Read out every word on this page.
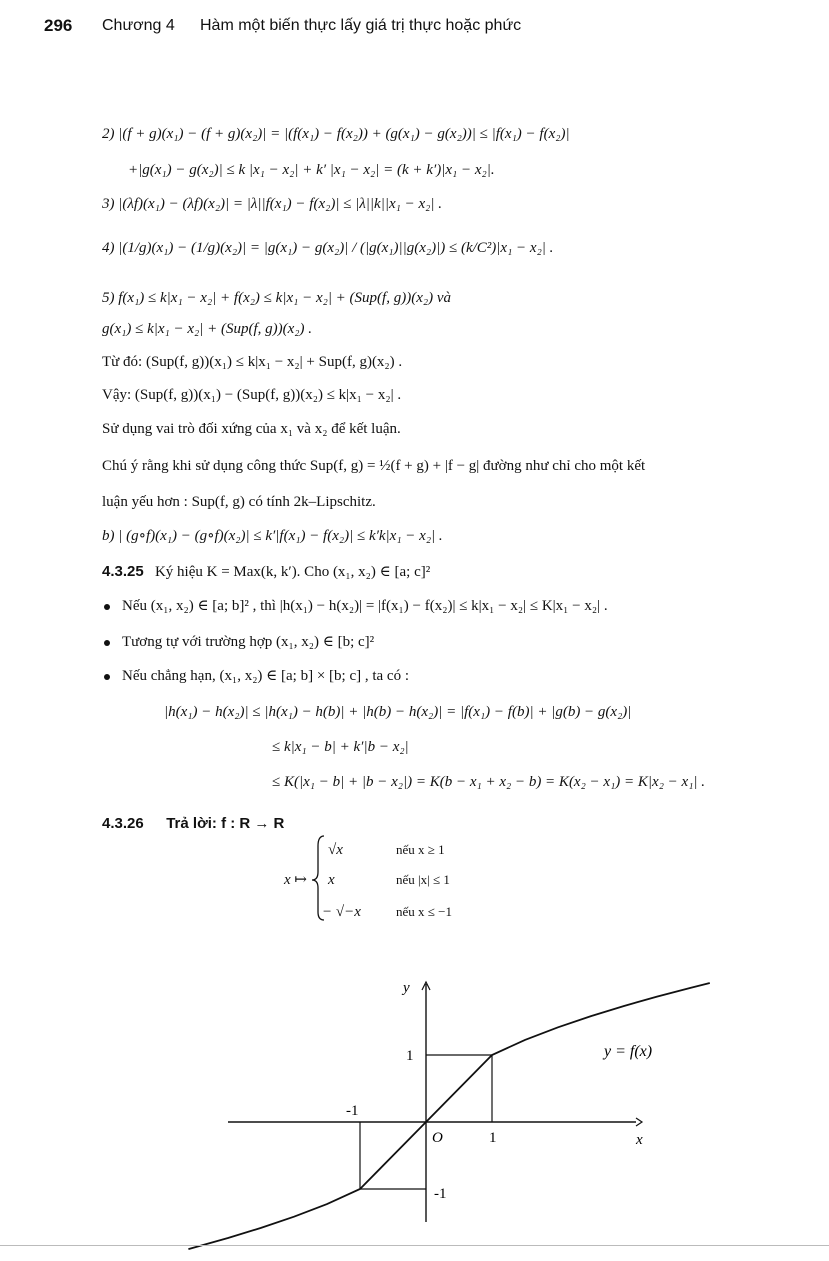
296 Chương 4 Hàm một biến thực lấy giá trị thực hoặc phức
2) |(f + g)(x₁) − (f + g)(x₂)| = |(f(x₁) − f(x₂)) + (g(x₁) − g(x₂))| ≤ |f(x₁) − f(x₂)|
+|g(x₁) − g(x₂)| ≤ k |x₁ − x₂| + k′ |x₁ − x₂| = (k + k′)|x₁ − x₂|.
3) |(λf)(x₁) − (λf)(x₂)| = |λ||f(x₁) − f(x₂)| ≤ |λ||k||x₁ − x₂| .
4) |(1/g)(x₁) − (1/g)(x₂)| = |g(x₁) − g(x₂)| / (|g(x₁)||g(x₂)|) ≤ (k/C²)|x₁ − x₂| .
5) f(x₁) ≤ k|x₁ − x₂| + f(x₂) ≤ k|x₁ − x₂| + (Sup(f, g))(x₂) và
g(x₁) ≤ k|x₁ − x₂| + (Sup(f, g))(x₂) .
Từ đó: (Sup(f, g))(x₁) ≤ k|x₁ − x₂| + Sup(f, g)(x₂) .
Vậy: (Sup(f, g))(x₁) − (Sup(f, g))(x₂) ≤ k|x₁ − x₂| .
Sử dụng vai trò đối xứng của x₁ và x₂ để kết luận.
Chú ý rằng khi sử dụng công thức Sup(f, g) = ½(f + g) + |f − g| đường như chỉ cho một kết
luận yếu hơn : Sup(f, g) có tính 2k–Lipschitz.
b) | (g∘f)(x₁) − (g∘f)(x₂)| ≤ k′|f(x₁) − f(x₂)| ≤ k′k|x₁ − x₂| .
4.3.25 Ký hiệu K = Max(k, k′). Cho (x₁, x₂) ∈ [a; c]²
Nếu (x₁, x₂) ∈ [a; b]² , thì |h(x₁) − h(x₂)| = |f(x₁) − f(x₂)| ≤ k|x₁ − x₂| ≤ K|x₁ − x₂| .
Tương tự với trường hợp (x₁, x₂) ∈ [b; c]²
Nếu chẳng hạn, (x₁, x₂) ∈ [a; b] × [b; c] , ta có :
|h(x₁) − h(x₂)| ≤ |h(x₁) − h(b)| + |h(b) − h(x₂)| = |f(x₁) − f(b)| + |g(b) − g(x₂)|
≤ k|x₁ − b| + k′|b − x₂|
≤ K(|x₁ − b| + |b − x₂|) = K(b − x₁ + x₂ − b) = K(x₂ − x₁) = K|x₂ − x₁| .
4.3.26 Trả lời: f : R → R
x ↦
√x	nếu x ≥ 1
x	nếu |x| ≤ 1
− √−x	nếu x ≤ −1
y
x
O
y = f(x)
1
-1
1
-1
